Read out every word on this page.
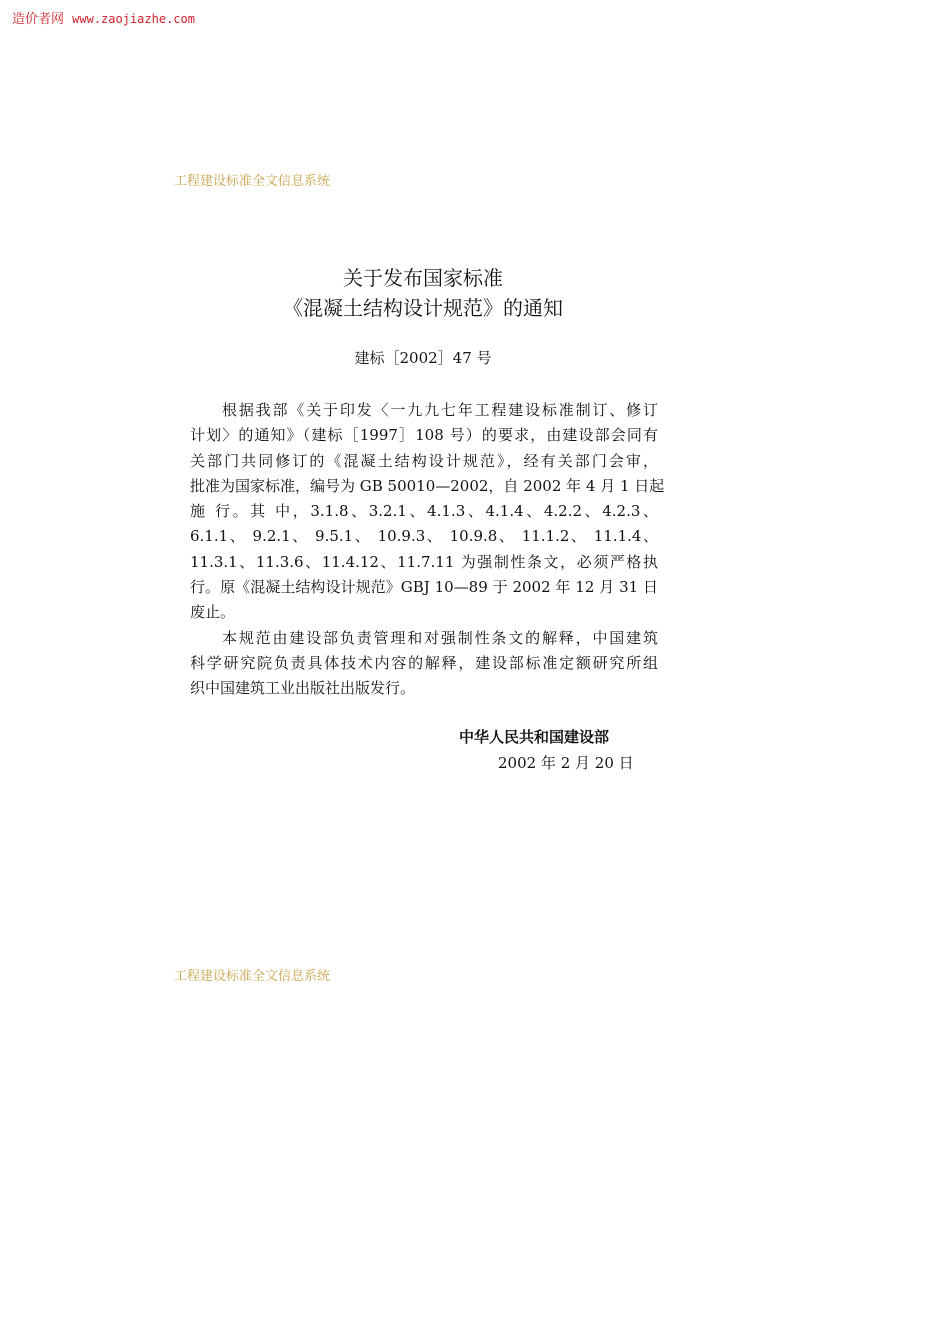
造价者网 www.zaojiazhe.com
工程建设标准全文信息系统
关于发布国家标准
《混凝土结构设计规范》的通知
建标［2002］47 号
根据我部《关于印发〈一九九七年工程建设标准制订、修订
计划〉的通知》（建标［1997］108 号）的要求，由建设部会同有
关部门共同修订的《混凝土结构设计规范》，经有关部门会审，
批准为国家标准，编号为 GB 50010—2002，自 2002 年 4 月 1 日起
施 行。其 中，3.1.8、3.2.1、4.1.3、4.1.4、4.2.2、4.2.3、
6.1.1、 9.2.1、 9.5.1、 10.9.3、 10.9.8、 11.1.2、 11.1.4、
11.3.1、11.3.6、11.4.12、11.7.11 为强制性条文，必须严格执
行。原《混凝土结构设计规范》GBJ 10—89 于 2002 年 12 月 31 日
废止。
本规范由建设部负责管理和对强制性条文的解释，中国建筑
科学研究院负责具体技术内容的解释，建设部标准定额研究所组
织中国建筑工业出版社出版发行。
中华人民共和国建设部
2002 年 2 月 20 日
工程建设标准全文信息系统
